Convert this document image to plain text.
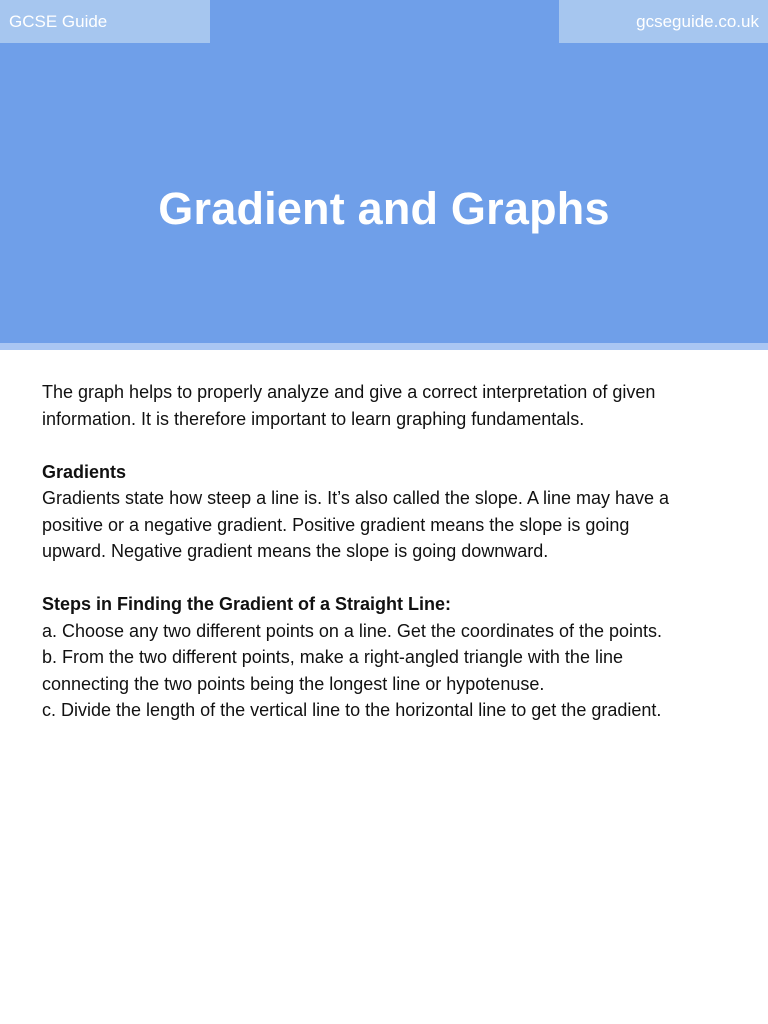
GCSE Guide	gcseguide.co.uk
Gradient and Graphs

The graph helps to properly analyze and give a correct interpretation of given

information. It is therefore important to learn graphing fundamentals.

Gradients

Gradients state how steep a line is. It’s also called the slope. A line may have a

positive or a negative gradient. Positive gradient means the slope is going

upward. Negative gradient means the slope is going downward.

Steps in Finding the Gradient of a Straight Line:

a. Choose any two different points on a line. Get the coordinates of the points.

b. From the two different points, make a right-angled triangle with the line

connecting the two points being the longest line or hypotenuse.

c. Divide the length of the vertical line to the horizontal line to get the gradient.
